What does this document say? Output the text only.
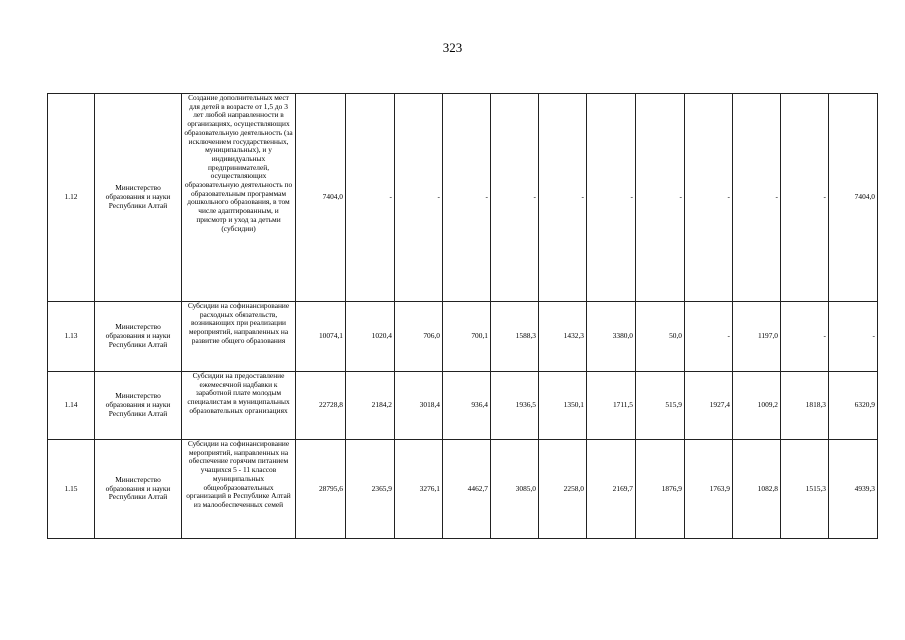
323
1.12	Министерство образования и науки Республики Алтай	Создание дополнительных мест для детей в возрасте от 1,5 до 3 лет любой направленности в организациях, осуществляющих образовательную деятельность (за исключением государственных, муниципальных), и у индивидуальных предпринимателей, осуществляющих образовательную деятельность по образовательным программам дошкольного образования, в том числе адаптированным, и присмотр и уход за детьми (субсидии)	7404,0	-	-	-	-	-	-	-	-	-	-	7404,0
1.13	Министерство образования и науки Республики Алтай	Субсидии на софинансирование расходных обязательств, возникающих при реализации мероприятий, направленных на развитие общего образования	10074,1	1020,4	706,0	700,1	1588,3	1432,3	3380,0	50,0	-	1197,0	-	-
1.14	Министерство образования и науки Республики Алтай	Субсидии на предоставление ежемесячной надбавки к заработной плате молодым специалистам в муниципальных образовательных организациях	22728,8	2184,2	3018,4	936,4	1936,5	1350,1	1711,5	515,9	1927,4	1009,2	1818,3	6320,9
1.15	Министерство образования и науки Республики Алтай	Субсидии на софинансирование мероприятий, направленных на обеспечение горячим питанием учащихся 5 - 11 классов муниципальных общеобразовательных организаций в Республике Алтай из малообеспеченных семей	28795,6	2365,9	3276,1	4462,7	3085,0	2258,0	2169,7	1876,9	1763,9	1082,8	1515,3	4939,3
